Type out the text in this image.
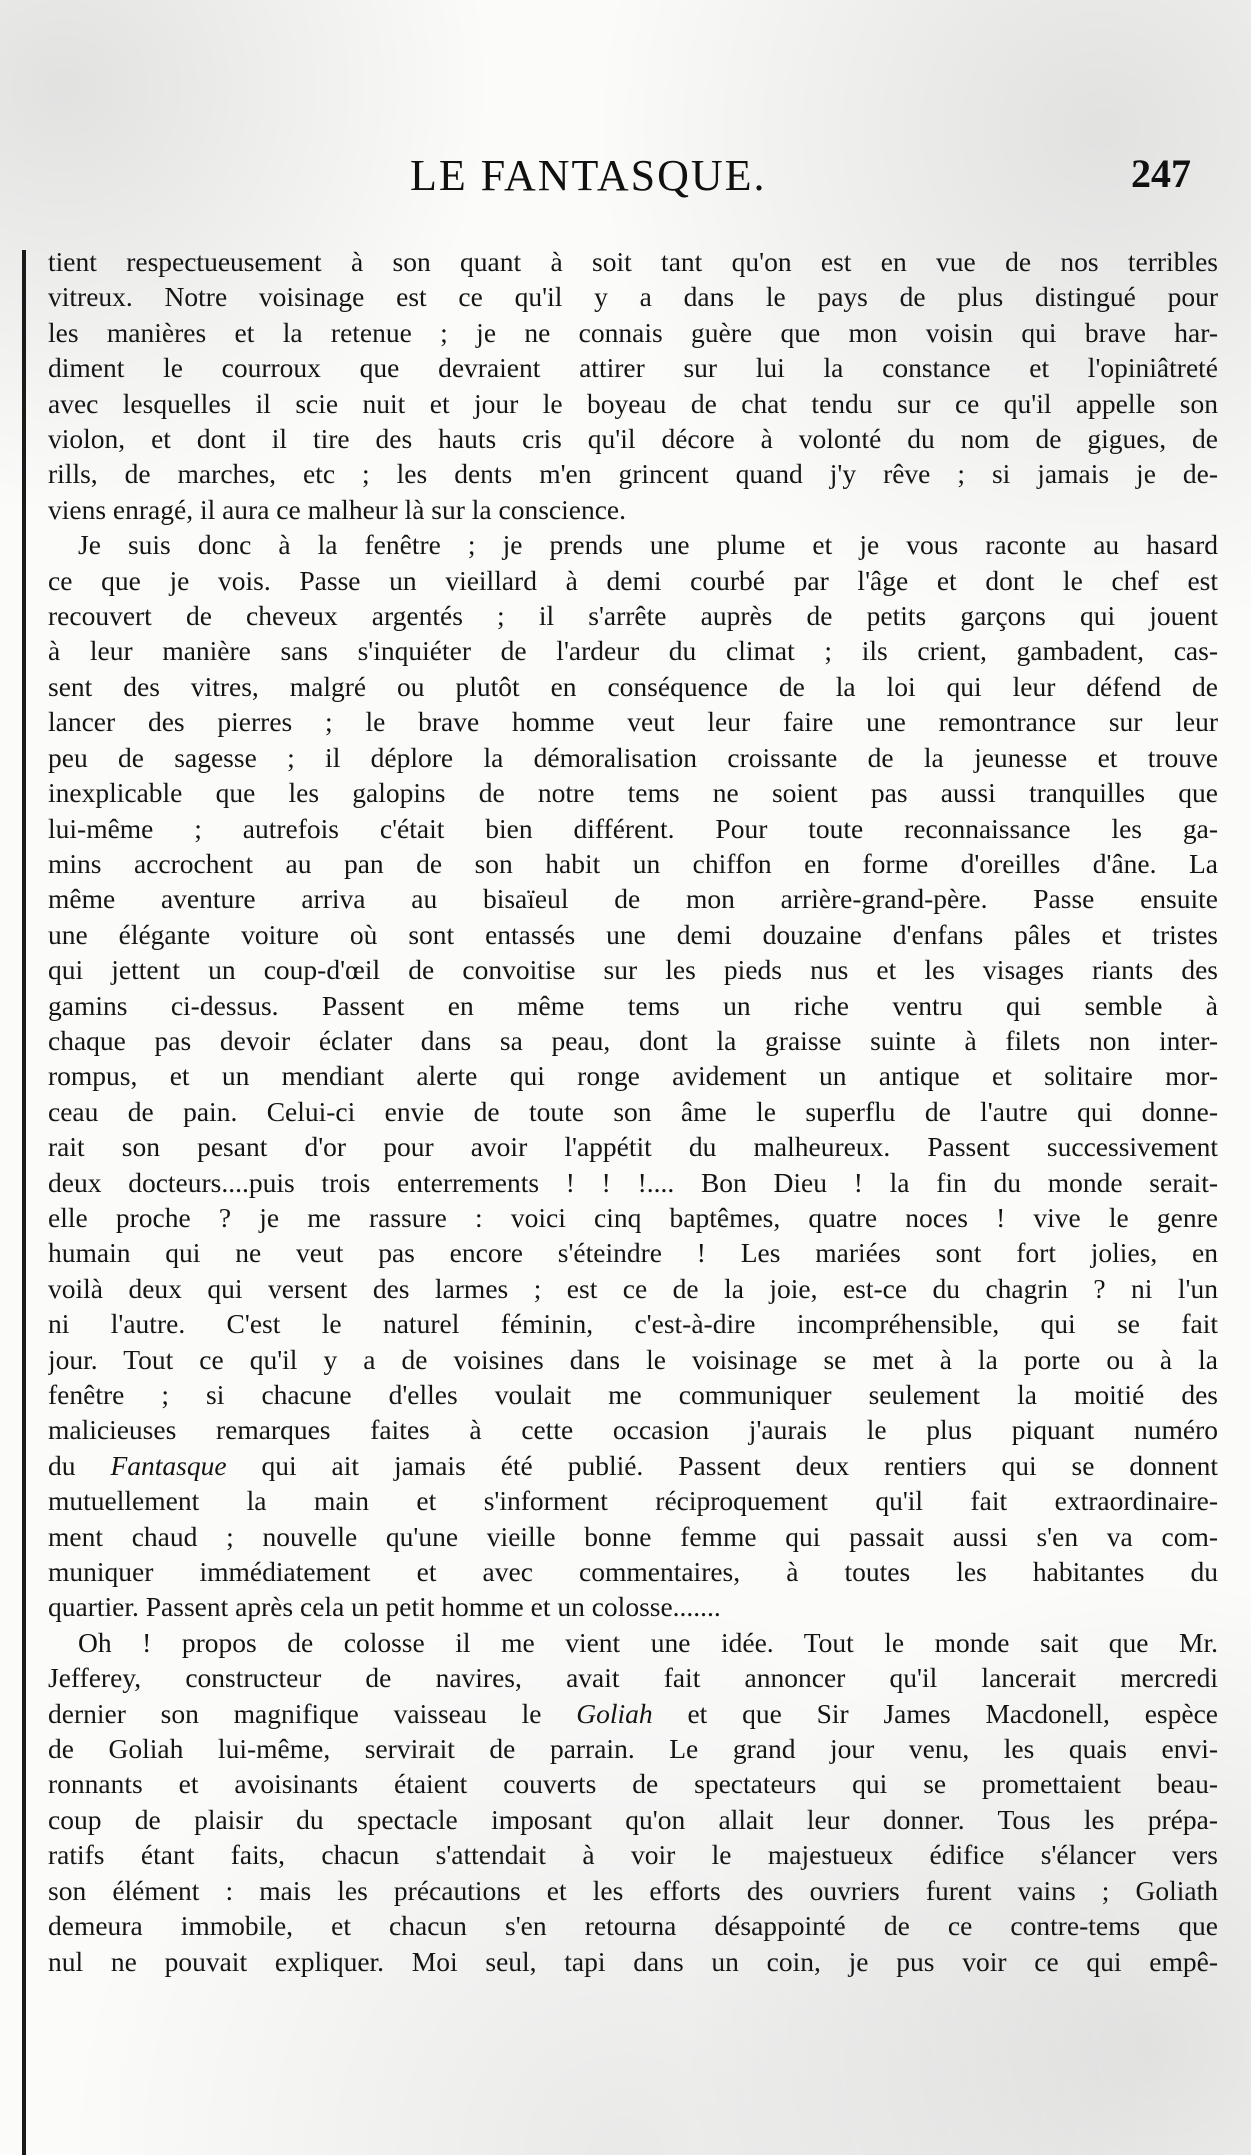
LE FANTASQUE.	247
tient respectueusement à son quant à soit tant qu'on est en vue de nos terribles
vitreux. Notre voisinage est ce qu'il y a dans le pays de plus distingué pour
les manières et la retenue ; je ne connais guère que mon voisin qui brave har-
diment le courroux que devraient attirer sur lui la constance et l'opiniâtreté
avec lesquelles il scie nuit et jour le boyeau de chat tendu sur ce qu'il appelle son
violon, et dont il tire des hauts cris qu'il décore à volonté du nom de gigues, de
rills, de marches, etc ; les dents m'en grincent quand j'y rêve ; si jamais je de-
viens enragé, il aura ce malheur là sur la conscience.
Je suis donc à la fenêtre ; je prends une plume et je vous raconte au hasard
ce que je vois. Passe un vieillard à demi courbé par l'âge et dont le chef est
recouvert de cheveux argentés ; il s'arrête auprès de petits garçons qui jouent
à leur manière sans s'inquiéter de l'ardeur du climat ; ils crient, gambadent, cas-
sent des vitres, malgré ou plutôt en conséquence de la loi qui leur défend de
lancer des pierres ; le brave homme veut leur faire une remontrance sur leur
peu de sagesse ; il déplore la démoralisation croissante de la jeunesse et trouve
inexplicable que les galopins de notre tems ne soient pas aussi tranquilles que
lui-même ; autrefois c'était bien différent. Pour toute reconnaissance les ga-
mins accrochent au pan de son habit un chiffon en forme d'oreilles d'âne. La
même aventure arriva au bisaïeul de mon arrière-grand-père. Passe ensuite
une élégante voiture où sont entassés une demi douzaine d'enfans pâles et tristes
qui jettent un coup-d'œil de convoitise sur les pieds nus et les visages riants des
gamins ci-dessus. Passent en même tems un riche ventru qui semble à
chaque pas devoir éclater dans sa peau, dont la graisse suinte à filets non inter-
rompus, et un mendiant alerte qui ronge avidement un antique et solitaire mor-
ceau de pain. Celui-ci envie de toute son âme le superflu de l'autre qui donne-
rait son pesant d'or pour avoir l'appétit du malheureux. Passent successivement
deux docteurs....puis trois enterrements ! ! !.... Bon Dieu ! la fin du monde serait-
elle proche ? je me rassure : voici cinq baptêmes, quatre noces ! vive le genre
humain qui ne veut pas encore s'éteindre ! Les mariées sont fort jolies, en
voilà deux qui versent des larmes ; est ce de la joie, est-ce du chagrin ? ni l'un
ni l'autre. C'est le naturel féminin, c'est-à-dire incompréhensible, qui se fait
jour. Tout ce qu'il y a de voisines dans le voisinage se met à la porte ou à la
fenêtre ; si chacune d'elles voulait me communiquer seulement la moitié des
malicieuses remarques faites à cette occasion j'aurais le plus piquant numéro
du Fantasque qui ait jamais été publié. Passent deux rentiers qui se donnent
mutuellement la main et s'informent réciproquement qu'il fait extraordinaire-
ment chaud ; nouvelle qu'une vieille bonne femme qui passait aussi s'en va com-
muniquer immédiatement et avec commentaires, à toutes les habitantes du
quartier. Passent après cela un petit homme et un colosse.......
Oh ! propos de colosse il me vient une idée. Tout le monde sait que Mr.
Jefferey, constructeur de navires, avait fait annoncer qu'il lancerait mercredi
dernier son magnifique vaisseau le Goliah et que Sir James Macdonell, espèce
de Goliah lui-même, servirait de parrain. Le grand jour venu, les quais envi-
ronnants et avoisinants étaient couverts de spectateurs qui se promettaient beau-
coup de plaisir du spectacle imposant qu'on allait leur donner. Tous les prépa-
ratifs étant faits, chacun s'attendait à voir le majestueux édifice s'élancer vers
son élément : mais les précautions et les efforts des ouvriers furent vains ; Goliath
demeura immobile, et chacun s'en retourna désappointé de ce contre-tems que
nul ne pouvait expliquer. Moi seul, tapi dans un coin, je pus voir ce qui empê-
